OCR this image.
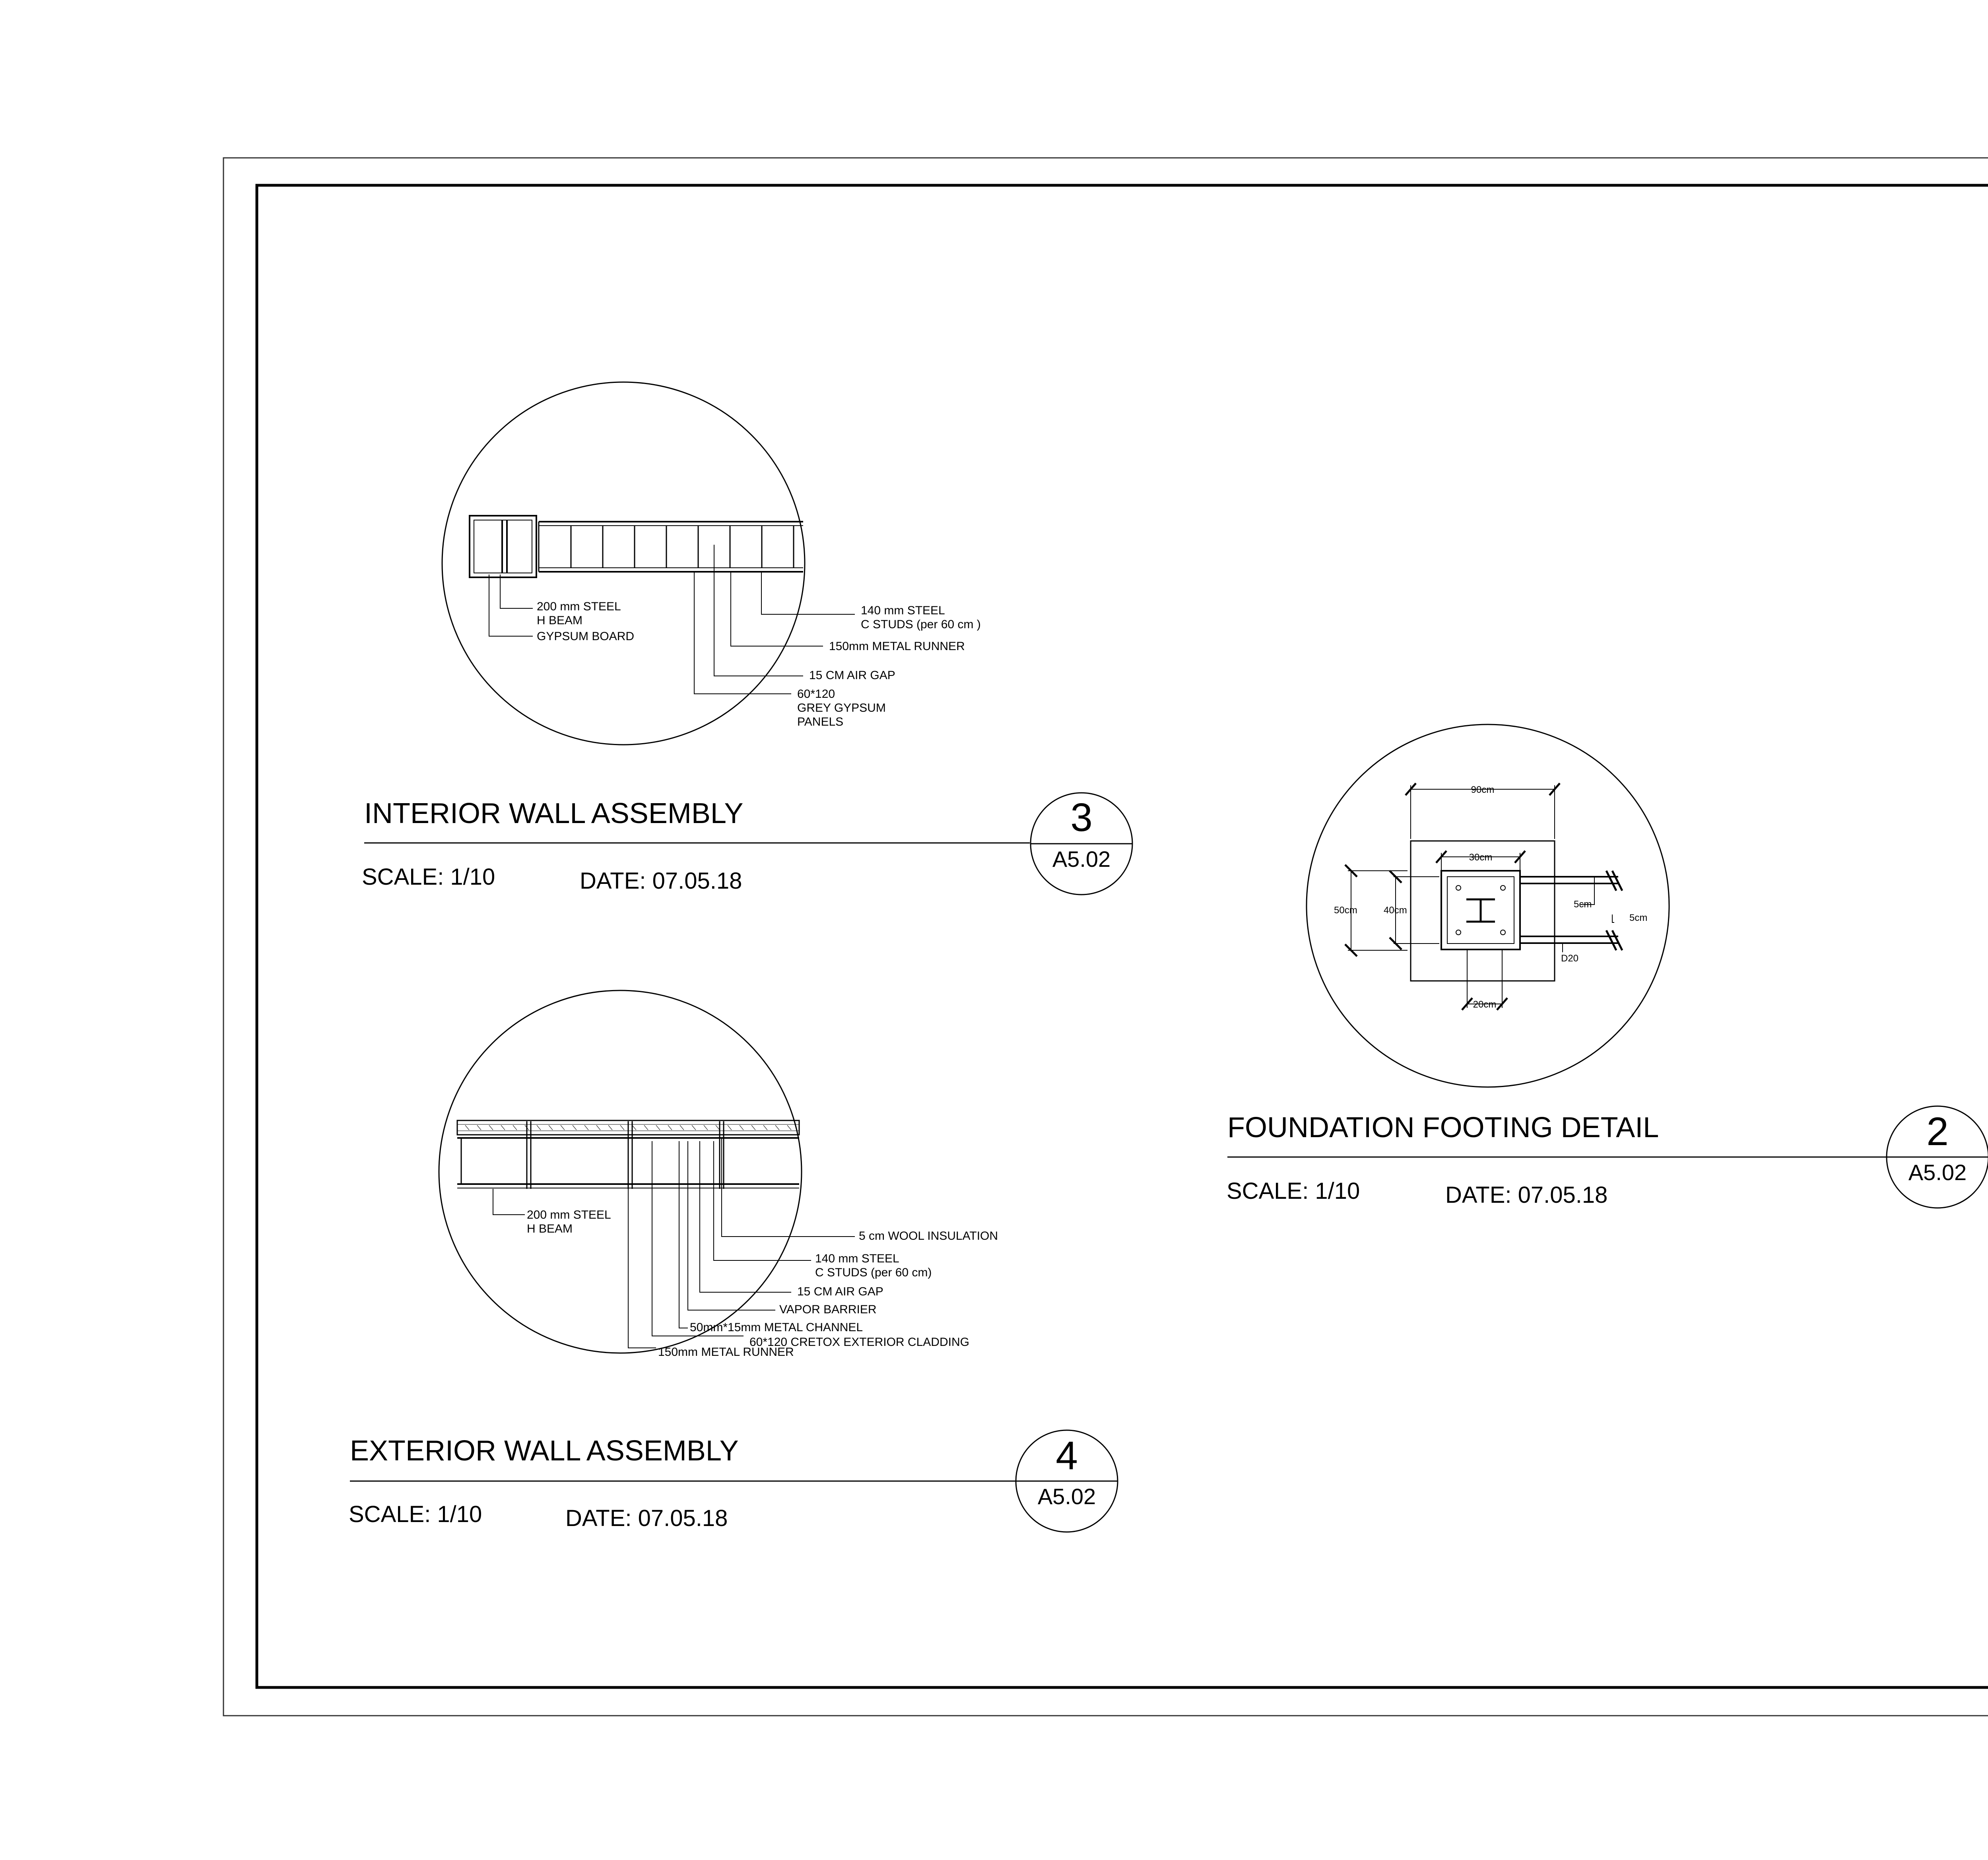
200 mm STEEL
H BEAM
GYPSUM BOARD
140 mm STEEL
C STUDS (per 60 cm )
150mm METAL RUNNER
15 CM AIR GAP
60*120
GREY GYPSUM
PANELS
INTERIOR WALL ASSEMBLY	3
A5.02
SCALE: 1/10	DATE: 07.05.18
90cm
30cm
50cm	40cm
5cm
5cm
D20
20cm
FOUNDATION FOOTING DETAIL	2
A5.02
SCALE: 1/10	DATE: 07.05.18
200 mm STEEL
H BEAM
5 cm WOOL INSULATION
140 mm STEEL
C STUDS (per 60 cm)
15 CM AIR GAP
VAPOR BARRIER
50mm*15mm METAL CHANNEL
60*120 CRETOX EXTERIOR CLADDING
150mm METAL RUNNER
EXTERIOR WALL ASSEMBLY	4
A5.02
SCALE: 1/10	DATE: 07.05.18
